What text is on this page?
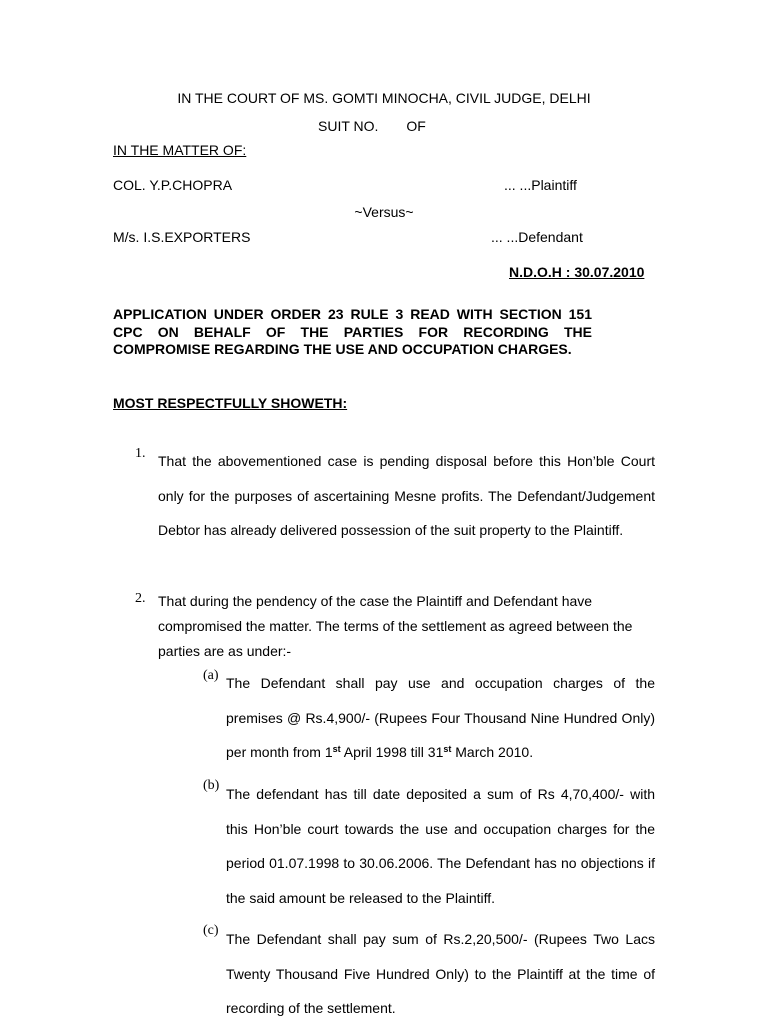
IN THE COURT OF MS. GOMTI MINOCHA, CIVIL JUDGE, DELHI
SUIT NO. OF
IN THE MATTER OF:
COL. Y.P.CHOPRA	... ...Plaintiff
~Versus~
M/s. I.S.EXPORTERS	... ...Defendant
N.D.O.H : 30.07.2010
APPLICATION UNDER ORDER 23 RULE 3 READ WITH SECTION 151 CPC ON BEHALF OF THE PARTIES FOR RECORDING THE COMPROMISE REGARDING THE USE AND OCCUPATION CHARGES.
MOST RESPECTFULLY SHOWETH:
1. That the abovementioned case is pending disposal before this Hon’ble Court only for the purposes of ascertaining Mesne profits. The Defendant/Judgement Debtor has already delivered possession of the suit property to the Plaintiff.
2. That during the pendency of the case the Plaintiff and Defendant have compromised the matter. The terms of the settlement as agreed between the parties are as under:-
(a) The Defendant shall pay use and occupation charges of the premises @ Rs.4,900/- (Rupees Four Thousand Nine Hundred Only) per month from 1st April 1998 till 31st March 2010.
(b)
The defendant has till date deposited a sum of Rs 4,70,400/- with this Hon’ble court towards the use and occupation charges for the period 01.07.1998 to 30.06.2006. The Defendant has no objections if the said amount be released to the Plaintiff.
(c)
The Defendant shall pay sum of Rs.2,20,500/- (Rupees Two Lacs Twenty Thousand Five Hundred Only) to the Plaintiff at the time of recording of the settlement.
